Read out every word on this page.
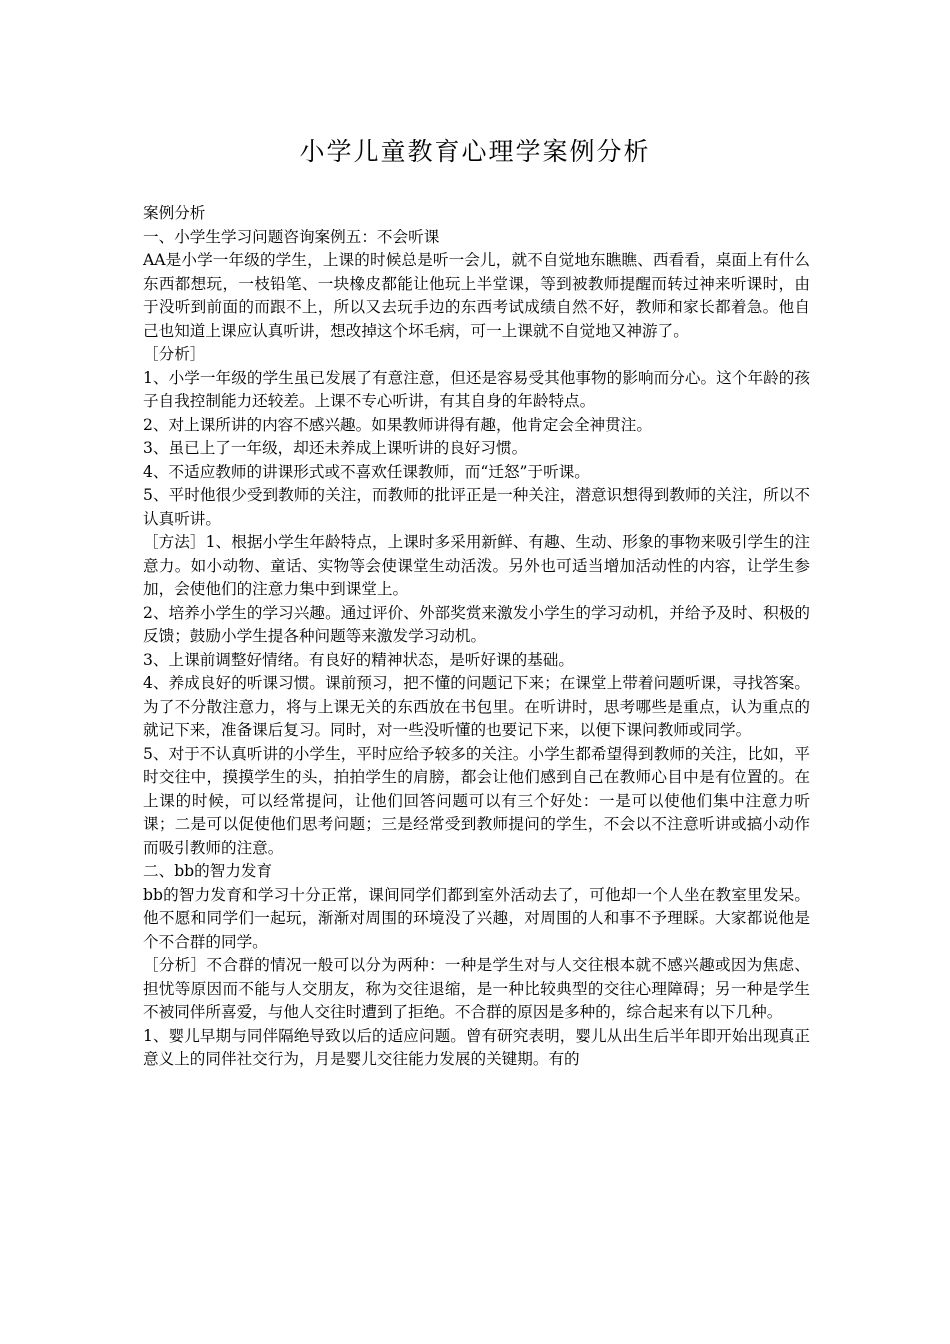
小学儿童教育心理学案例分析

案例分析

一、小学生学习问题咨询案例五：不会听课

AA是小学一年级的学生，上课的时候总是听一会儿，就不自觉地东瞧瞧、西看看，桌面上有什么东西都想玩，一枝铅笔、一块橡皮都能让他玩上半堂课，等到被教师提醒而转过神来听课时，由于没听到前面的而跟不上，所以又去玩手边的东西考试成绩自然不好，教师和家长都着急。他自己也知道上课应认真听讲，想改掉这个坏毛病，可一上课就不自觉地又神游了。

［分析］

1、小学一年级的学生虽已发展了有意注意，但还是容易受其他事物的影响而分心。这个年龄的孩子自我控制能力还较差。上课不专心听讲，有其自身的年龄特点。

2、对上课所讲的内容不感兴趣。如果教师讲得有趣，他肯定会全神贯注。

3、虽已上了一年级，却还未养成上课听讲的良好习惯。

4、不适应教师的讲课形式或不喜欢任课教师，而“迁怒”于听课。

5、平时他很少受到教师的关注，而教师的批评正是一种关注，潜意识想得到教师的关注，所以不认真听讲。

［方法］1、根据小学生年龄特点，上课时多采用新鲜、有趣、生动、形象的事物来吸引学生的注意力。如小动物、童话、实物等会使课堂生动活泼。另外也可适当增加活动性的内容，让学生参加，会使他们的注意力集中到课堂上。

2、培养小学生的学习兴趣。通过评价、外部奖赏来激发小学生的学习动机，并给予及时、积极的反馈；鼓励小学生提各种问题等来激发学习动机。

3、上课前调整好情绪。有良好的精神状态，是听好课的基础。

4、养成良好的听课习惯。课前预习，把不懂的问题记下来；在课堂上带着问题听课，寻找答案。为了不分散注意力，将与上课无关的东西放在书包里。在听讲时，思考哪些是重点，认为重点的就记下来，准备课后复习。同时，对一些没听懂的也要记下来，以便下课问教师或同学。

5、对于不认真听讲的小学生，平时应给予较多的关注。小学生都希望得到教师的关注，比如，平时交往中，摸摸学生的头，拍拍学生的肩膀，都会让他们感到自己在教师心目中是有位置的。在上课的时候，可以经常提问，让他们回答问题可以有三个好处：一是可以使他们集中注意力听课；二是可以促使他们思考问题；三是经常受到教师提问的学生，不会以不注意听讲或搞小动作而吸引教师的注意。

二、bb的智力发育

bb的智力发育和学习十分正常，课间同学们都到室外活动去了，可他却一个人坐在教室里发呆。他不愿和同学们一起玩，渐渐对周围的环境没了兴趣，对周围的人和事不予理睬。大家都说他是个不合群的同学。

［分析］不合群的情况一般可以分为两种：一种是学生对与人交往根本就不感兴趣或因为焦虑、担忧等原因而不能与人交朋友，称为交往退缩，是一种比较典型的交往心理障碍；另一种是学生不被同伴所喜爱，与他人交往时遭到了拒绝。不合群的原因是多种的，综合起来有以下几种。

1、婴儿早期与同伴隔绝导致以后的适应问题。曾有研究表明，婴儿从出生后半年即开始出现真正意义上的同伴社交行为，月是婴儿交往能力发展的关键期。有的
